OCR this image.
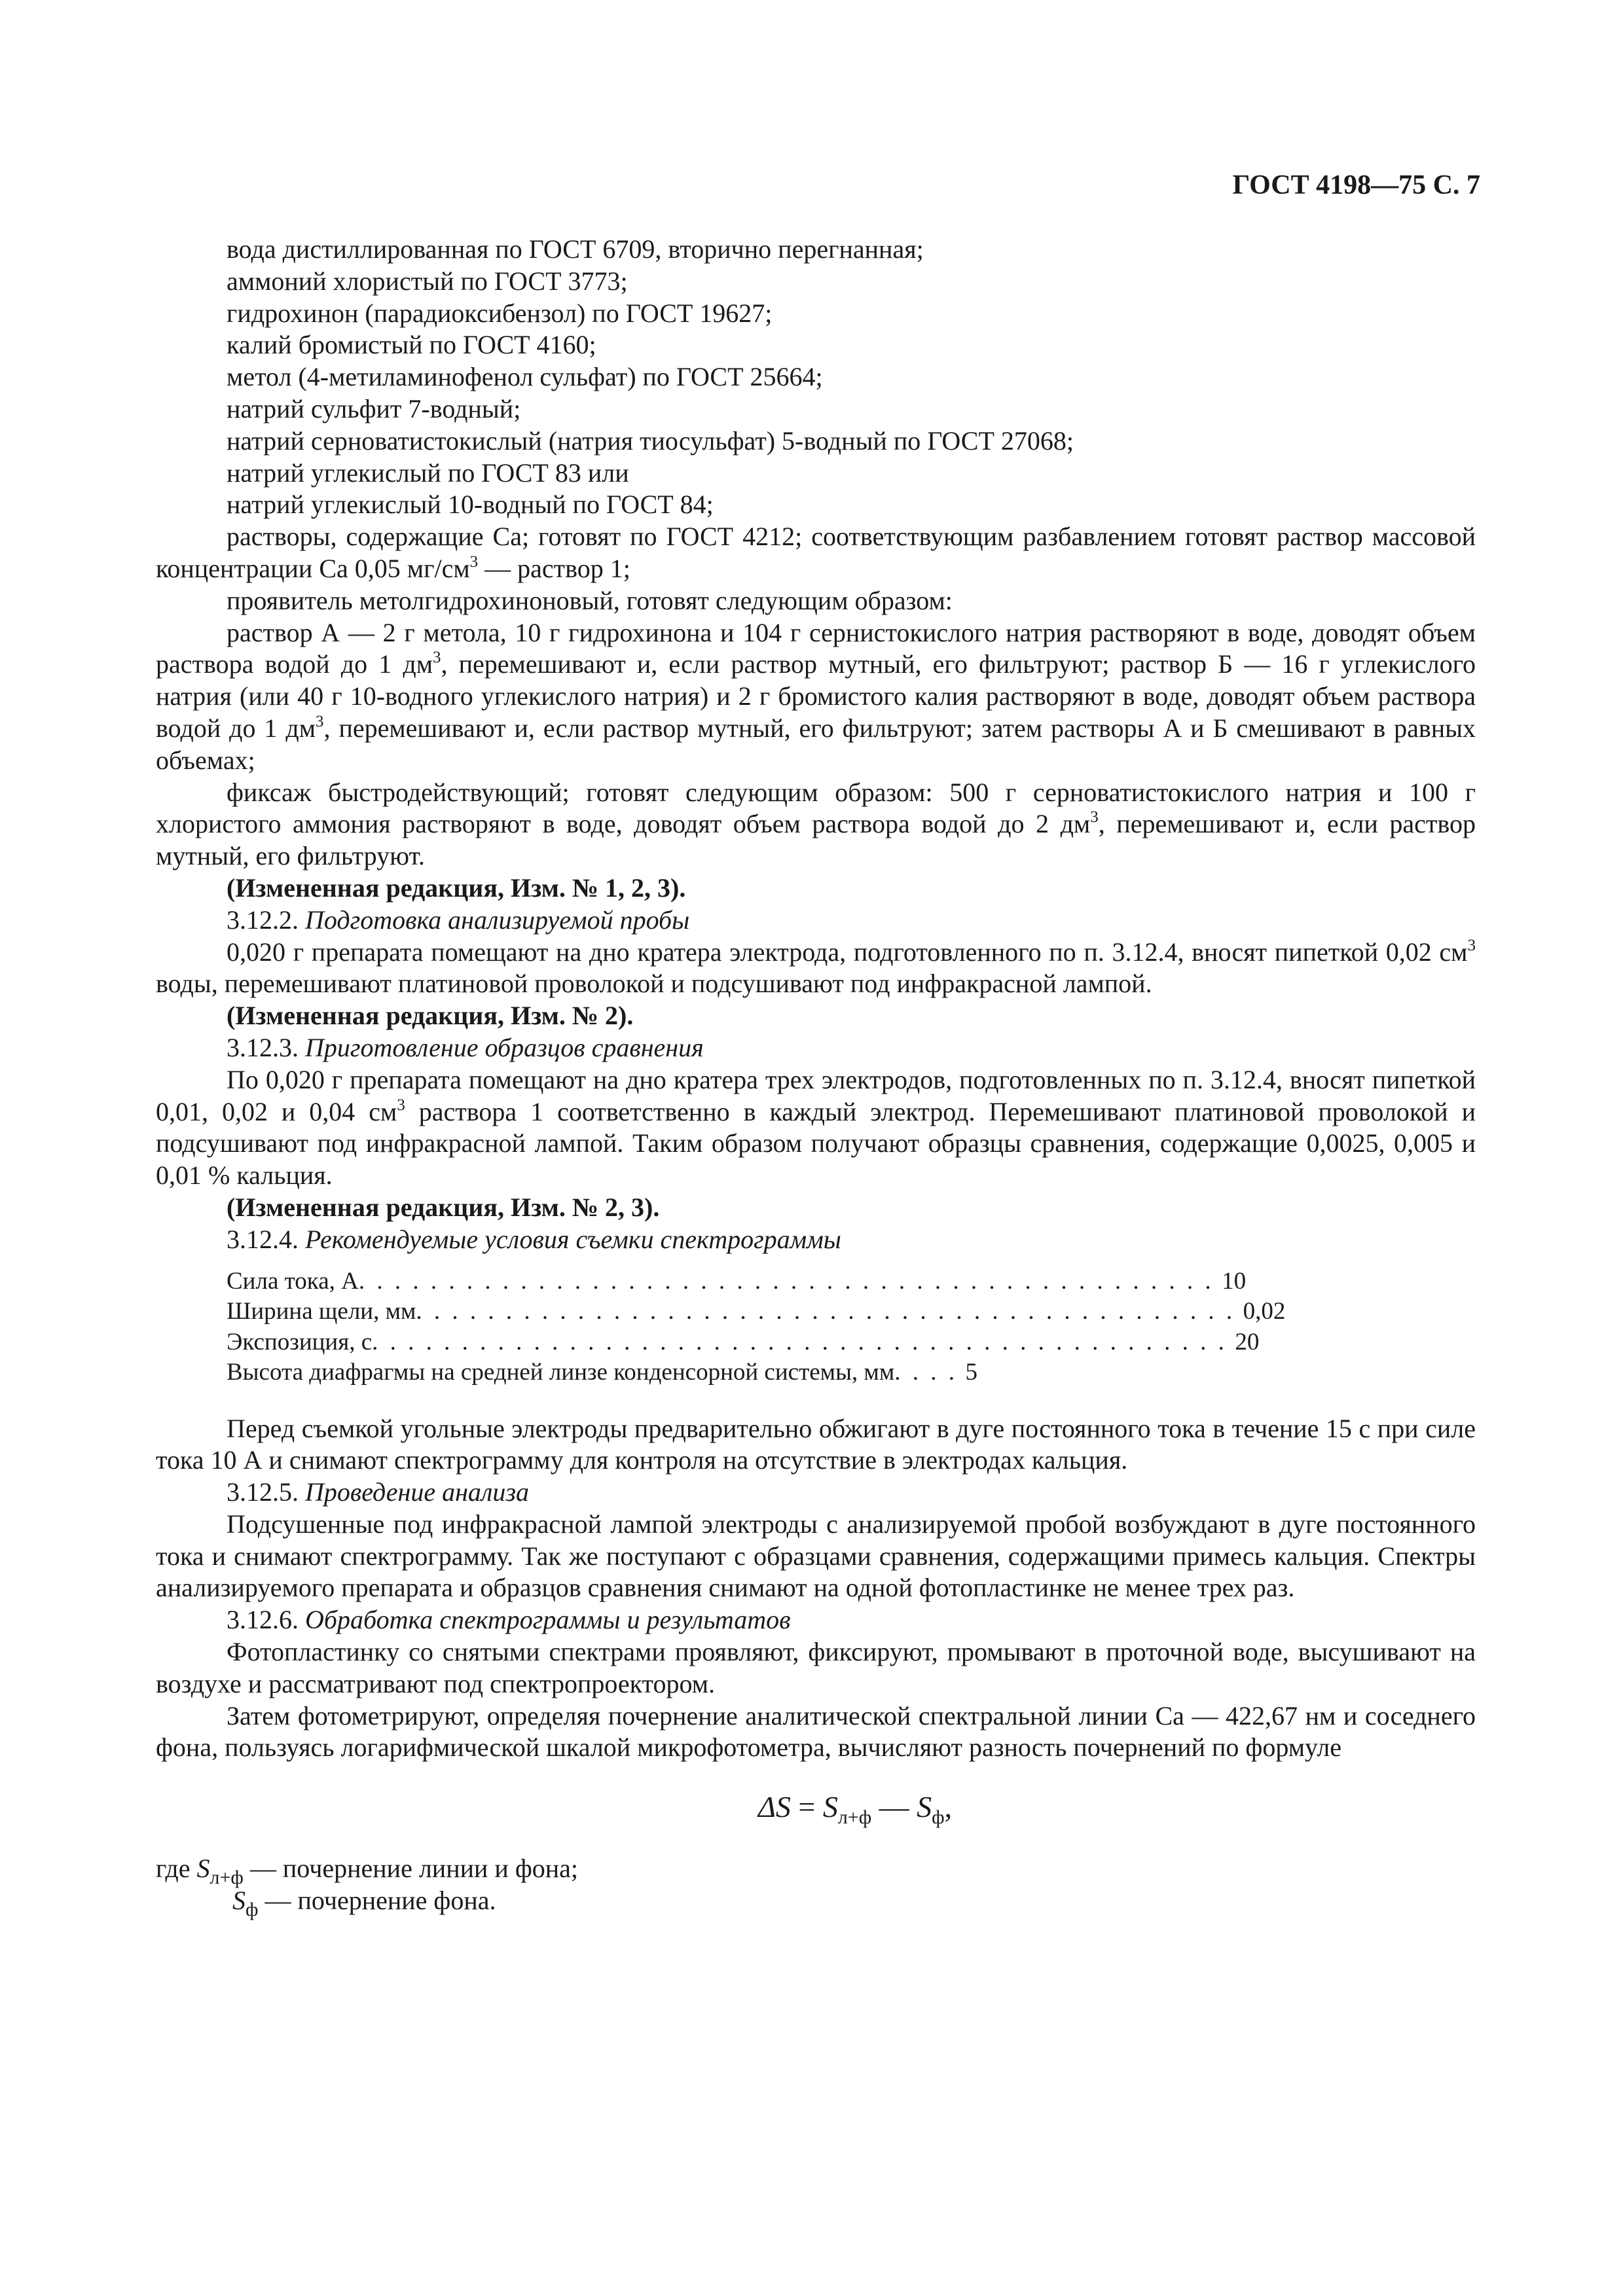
ГОСТ 4198—75 С. 7

вода дистиллированная по ГОСТ 6709, вторично перегнанная;

аммоний хлористый по ГОСТ 3773;

гидрохинон (парадиоксибензол) по ГОСТ 19627;

калий бромистый по ГОСТ 4160;

метол (4-метиламинофенол сульфат) по ГОСТ 25664;

натрий сульфит 7-водный;

натрий серноватистокислый (натрия тиосульфат) 5-водный по ГОСТ 27068;

натрий углекислый по ГОСТ 83 или

натрий углекислый 10-водный по ГОСТ 84;

растворы, содержащие Са; готовят по ГОСТ 4212; соответствующим разбавлением готовят раствор массовой концентрации Са 0,05 $мг/см^3$ — раствор 1;

проявитель метолгидрохиноновый, готовят следующим образом:

раствор А — 2 г метола, 10 г гидрохинона и 104 г сернистокислого натрия растворяют в воде, доводят объем раствора водой до 1 $дм^3$, перемешивают и, если раствор мутный, его фильтруют; раствор Б — 16 г углекислого натрия (или 40 г 10-водного углекислого натрия) и 2 г бромистого калия растворяют в воде, доводят объем раствора водой до 1 $дм^3$, перемешивают и, если раствор мутный, его фильтруют; затем растворы А и Б смешивают в равных объемах;

фиксаж быстродействующий; готовят следующим образом: 500 г серноватистокислого натрия и 100 г хлористого аммония растворяют в воде, доводят объем раствора водой до 2 $дм^3$, перемешивают и, если раствор мутный, его фильтруют.

(Измененная редакция, Изм. № 1, 2, 3).

3.12.2. Подготовка анализируемой пробы

0,020 г препарата помещают на дно кратера электрода, подготовленного по п. 3.12.4, вносят пипеткой 0,02 $см^3$ воды, перемешивают платиновой проволокой и подсушивают под инфракрасной лампой.

(Измененная редакция, Изм. № 2).

3.12.3. Приготовление образцов сравнения

По 0,020 г препарата помещают на дно кратера трех электродов, подготовленных по п. 3.12.4, вносят пипеткой 0,01, 0,02 и 0,04 $см^3$ раствора 1 соответственно в каждый электрод. Перемешивают платиновой проволокой и подсушивают под инфракрасной лампой. Таким образом получают образцы сравнения, содержащие 0,0025, 0,005 и 0,01 % кальция.

(Измененная редакция, Изм. № 2, 3).

3.12.4. Рекомендуемые условия съемки спектрограммы

Сила тока, А . . . . . . . . . . . . . . . . . . . . . . . . . . . . . . . . . . . . . . . . . . . . . . . . 10
Ширина щели, мм . . . . . . . . . . . . . . . . . . . . . . . . . . . . . . . . . . . . . . . . . . . . . . 0,02
Экспозиция, с . . . . . . . . . . . . . . . . . . . . . . . . . . . . . . . . . . . . . . . . . . . . . . . . 20
Высота диафрагмы на средней линзе конденсорной системы, мм . . . . 5

Перед съемкой угольные электроды предварительно обжигают в дуге постоянного тока в течение 15 с при силе тока 10 А и снимают спектрограмму для контроля на отсутствие в электродах кальция.

3.12.5. Проведение анализа

Подсушенные под инфракрасной лампой электроды с анализируемой пробой возбуждают в дуге постоянного тока и снимают спектрограмму. Так же поступают с образцами сравнения, содержащими примесь кальция. Спектры анализируемого препарата и образцов сравнения снимают на одной фотопластинке не менее трех раз.

3.12.6. Обработка спектрограммы и результатов

Фотопластинку со снятыми спектрами проявляют, фиксируют, промывают в проточной воде, высушивают на воздухе и рассматривают под спектропроектором.

Затем фотометрируют, определяя почернение аналитической спектральной линии Са — 422,67 нм и соседнего фона, пользуясь логарифмической шкалой микрофотометра, вычисляют разность почернений по формуле

$\Delta S = S_{л+ф}$ — $S_ф$,

где $S_{л+ф}$ — почернение линии и фона;

$S_ф$ — почернение фона.
